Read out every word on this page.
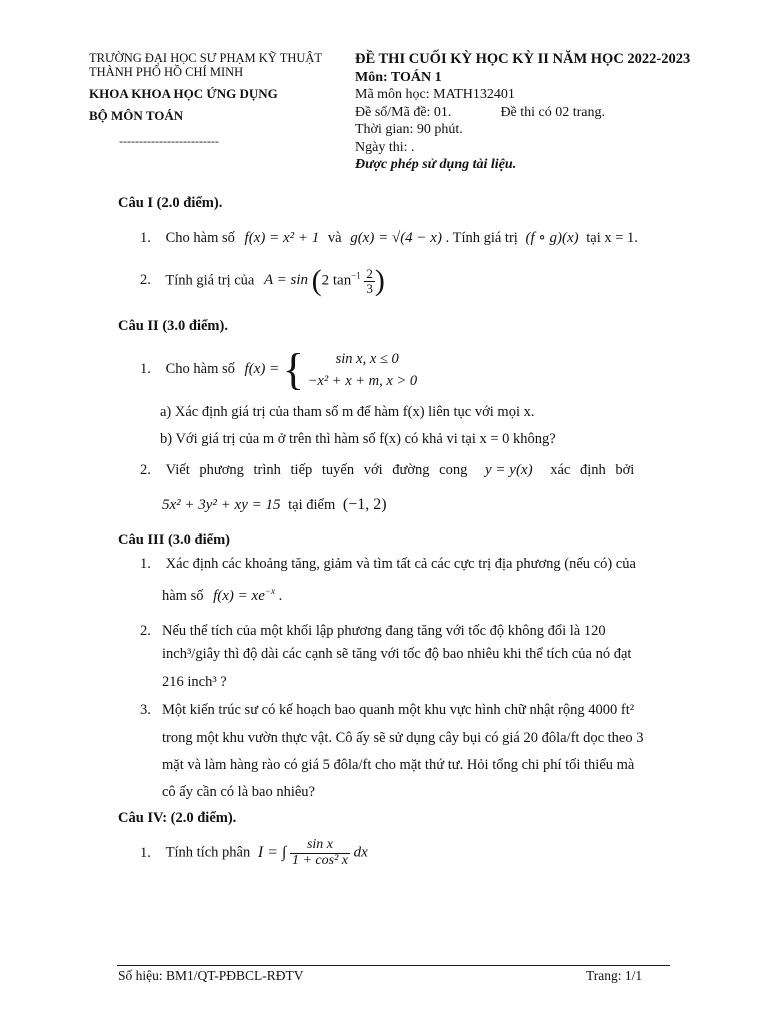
TRƯỜNG ĐẠI HỌC SƯ PHẠM KỸ THUẬT
THÀNH PHỐ HỒ CHÍ MINH
KHOA KHOA HỌC ỨNG DỤNG
BỘ MÔN TOÁN
-------------------------
ĐỀ THI CUỐI KỲ HỌC KỲ II NĂM HỌC 2022-2023
Môn: TOÁN 1
Mã môn học: MATH132401
Đề số/Mã đề: 01.	Đề thi có 02 trang.
Thời gian: 90 phút.
Ngày thi: .
Được phép sử dụng tài liệu.
Câu I (2.0 điểm).
1. Cho hàm số f(x) = x² + 1 và g(x) = √(4 − x) . Tính giá trị (f ∘ g)(x) tại x = 1.
2. Tính giá trị của A = sin (2 $\tan^{-1} \frac{2}{3}$ )
Câu II (3.0 điểm).
1. Cho hàm số f(x) = {	sin x, x ≤ 0
−x² + x + m, x > 0
a) Xác định giá trị của tham số m để hàm f(x) liên tục với mọi x.
b) Với giá trị của m ở trên thì hàm số f(x) có khả vi tại x = 0 không?
2. Viết phương trình tiếp tuyến với đường cong y = y(x) xác định bởi
5x² + 3y² + xy = 15 tại điểm (−1, 2)
Câu III (3.0 điểm)
1. Xác định các khoảng tăng, giảm và tìm tất cả các cực trị địa phương (nếu có) của
hàm số $f(x) = xe^{-x}$ .
2. Nếu thể tích của một khối lập phương đang tăng với tốc độ không đổi là 120
inch³/giây thì độ dài các cạnh sẽ tăng với tốc độ bao nhiêu khi thể tích của nó đạt
216 inch³ ?
3. Một kiến trúc sư có kế hoạch bao quanh một khu vực hình chữ nhật rộng 4000 ft²
trong một khu vườn thực vật. Cô ấy sẽ sử dụng cây bụi có giá 20 đôla/ft dọc theo 3
mặt và làm hàng rào có giá 5 đôla/ft cho mặt thứ tư. Hỏi tổng chi phí tối thiểu mà
cô ấy cần có là bao nhiêu?
Câu IV: (2.0 điểm).
1. Tính tích phân I = ∫ $\frac{\text{sin x}}{\text{1 + cos² x}}$ dx
Số hiệu: BM1/QT-PĐBCL-RĐTV	Trang: 1/1
